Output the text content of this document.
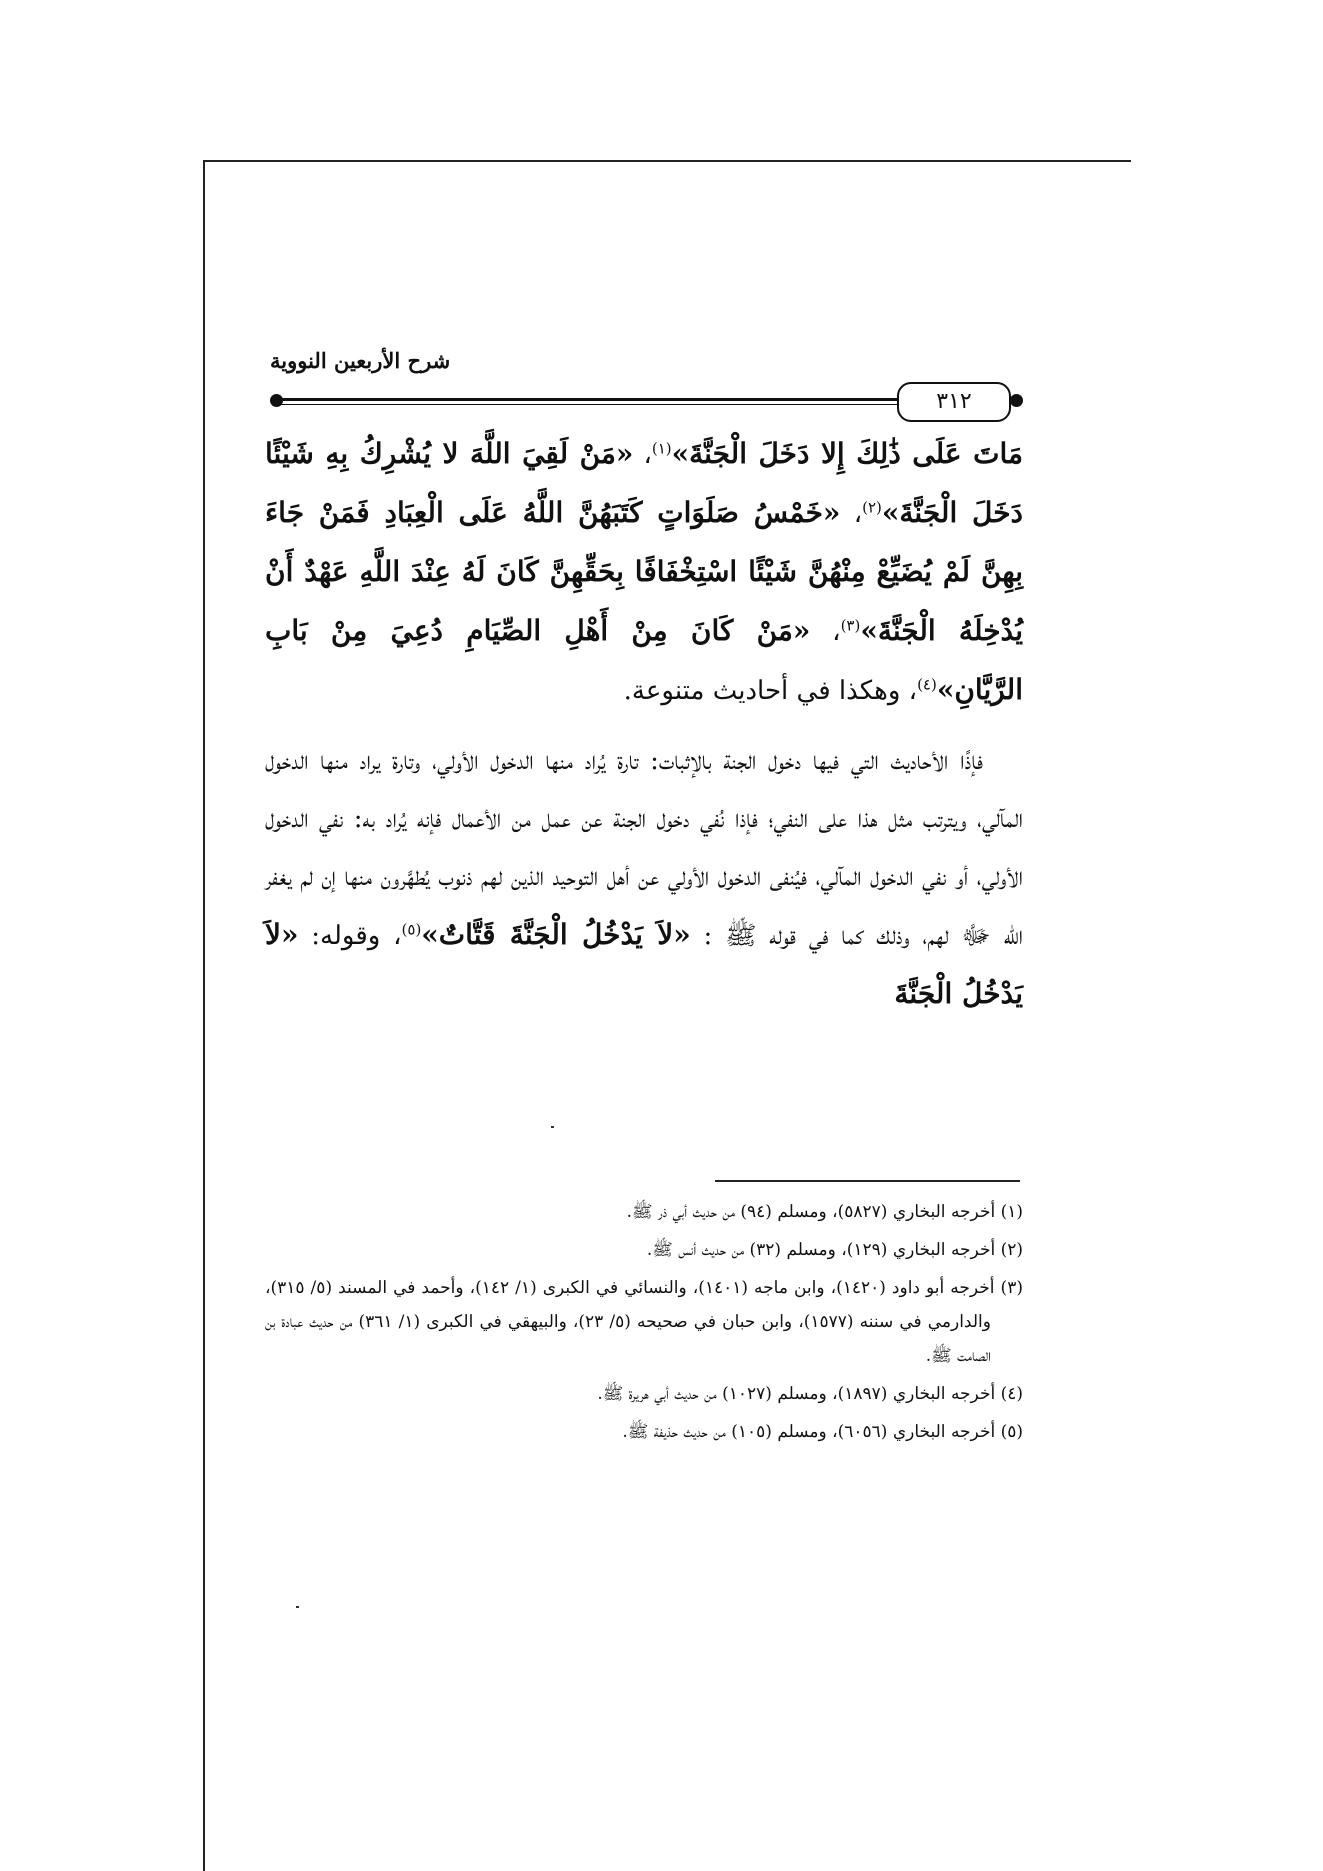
شرح الأربعين النووية
٣١٢

مَاتَ عَلَى ذَٰلِكَ إِلا دَخَلَ الْجَنَّةَ»$^{(١)}$، «مَنْ لَقِيَ اللَّهَ لا يُشْرِكُ بِهِ شَيْئًا دَخَلَ الْجَنَّةَ»$^{(٢)}$، «خَمْسُ صَلَوَاتٍ كَتَبَهُنَّ اللَّهُ عَلَى الْعِبَادِ فَمَنْ جَاءَ بِهِنَّ لَمْ يُضَيِّعْ مِنْهُنَّ شَيْئًا اسْتِخْفَافًا بِحَقِّهِنَّ كَانَ لَهُ عِنْدَ اللَّهِ عَهْدٌ أَنْ يُدْخِلَهُ الْجَنَّةَ»$^{(٣)}$، «مَنْ كَانَ مِنْ أَهْلِ الصِّيَامِ دُعِيَ مِنْ بَابِ الرَّيَّانِ»$^{(٤)}$، وهكذا في أحاديث متنوعة.

فإذًا الأحاديث التي فيها دخول الجنة بالإثبات: تارة يُراد منها الدخول الأولي، وتارة يراد منها الدخول المآلي، ويترتب مثل هذا على النفي؛ فإذا نُفي دخول الجنة عن عمل من الأعمال فإنه يُراد به: نفي الدخول الأولي، أو نفي الدخول المآلي، فيُنفى الدخول الأولي عن أهل التوحيد الذين لهم ذنوب يُطهَّرون منها إن لم يغفر الله ﷻ لهم، وذلك كما في قوله ﷺ : «لاَ يَدْخُلُ الْجَنَّةَ قَتَّاتٌ»$^{(٥)}$، وقوله: «لاَ يَدْخُلُ الْجَنَّةَ

(١) أخرجه البخاري (٥٨٢٧)، ومسلم (٩٤) من حديث أبي ذر ﷺ.

(٢) أخرجه البخاري (١٢٩)، ومسلم (٣٢) من حديث أنس ﷺ.

(٣) أخرجه أبو داود (١٤٢٠)، وابن ماجه (١٤٠١)، والنسائي في الكبرى (١/ ١٤٢)، وأحمد في المسند (٥/ ٣١٥)، والدارمي في سننه (١٥٧٧)، وابن حبان في صحيحه (٥/ ٢٣)، والبيهقي في الكبرى (١/ ٣٦١) من حديث عبادة بن الصامت ﷺ.

(٤) أخرجه البخاري (١٨٩٧)، ومسلم (١٠٢٧) من حديث أبي هريرة ﷺ.

(٥) أخرجه البخاري (٦٠٥٦)، ومسلم (١٠٥) من حديث حذيفة ﷺ.
